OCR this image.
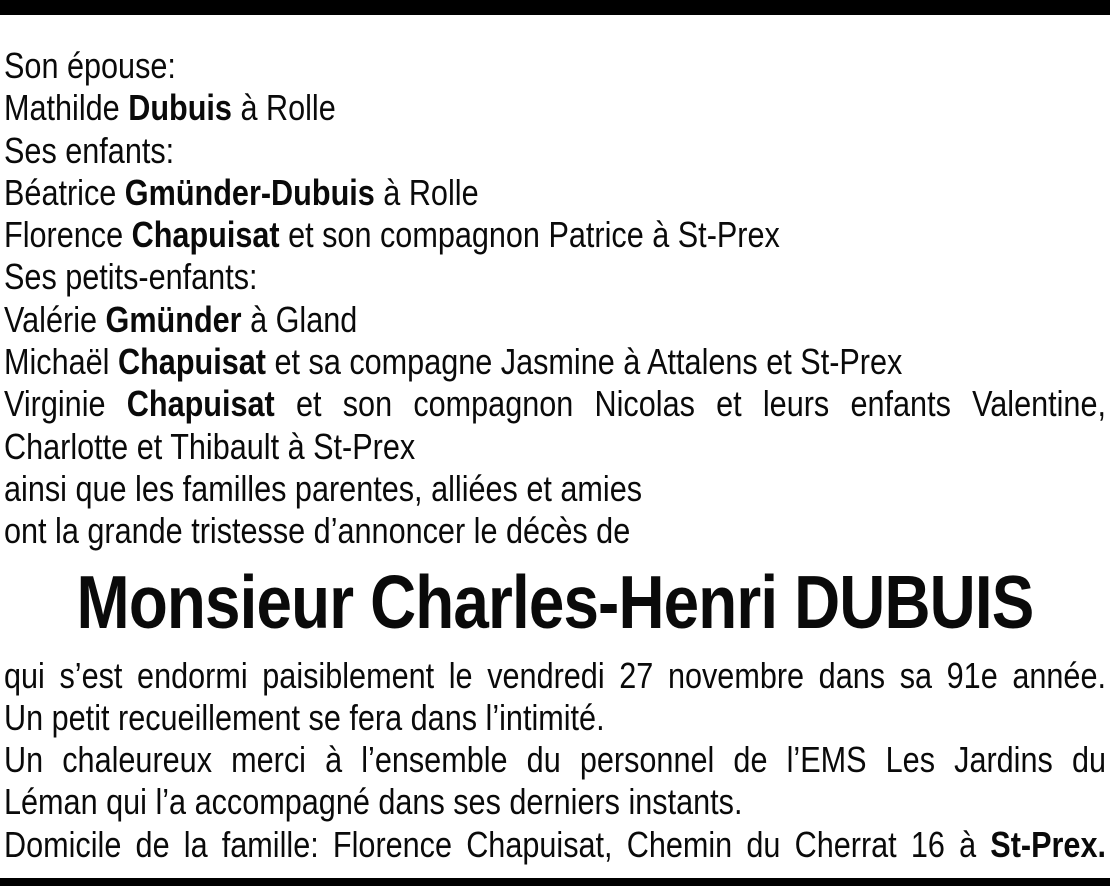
Son épouse:
Mathilde Dubuis à Rolle
Ses enfants:
Béatrice Gmünder-Dubuis à Rolle
Florence Chapuisat et son compagnon Patrice à St-Prex
Ses petits-enfants:
Valérie Gmünder à Gland
Michaël Chapuisat et sa compagne Jasmine à Attalens et St-Prex
Virginie Chapuisat et son compagnon Nicolas et leurs enfants Valentine,
Charlotte et Thibault à St-Prex
ainsi que les familles parentes, alliées et amies
ont la grande tristesse d’annoncer le décès de
Monsieur Charles-Henri DUBUIS
qui s’est endormi paisiblement le vendredi 27 novembre dans sa 91e année.
Un petit recueillement se fera dans l’intimité.
Un chaleureux merci à l’ensemble du personnel de l’EMS Les Jardins du
Léman qui l’a accompagné dans ses derniers instants.
Domicile de la famille: Florence Chapuisat, Chemin du Cherrat 16 à St-Prex.
